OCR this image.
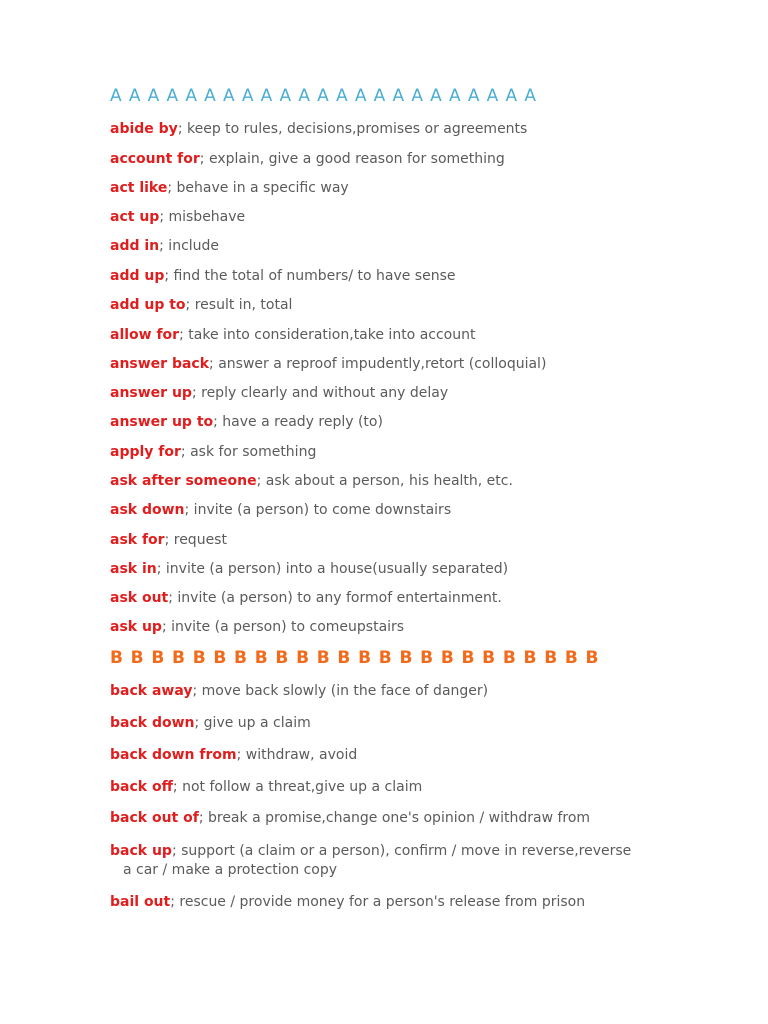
A A A A A A A A A A A A A A A A A A A A A A A
abide by; keep to rules, decisions,promises or agreements
account for; explain, give a good reason for something
act like; behave in a specific way
act up; misbehave
add in; include
add up; find the total of numbers/ to have sense
add up to; result in, total
allow for; take into consideration,take into account
answer back; answer a reproof impudently,retort (colloquial)
answer up; reply clearly and without any delay
answer up to; have a ready reply (to)
apply for; ask for something
ask after someone; ask about a person, his health, etc.
ask down; invite (a person) to come downstairs
ask for; request
ask in; invite (a person) into a house(usually separated)
ask out; invite (a person) to any formof entertainment.
ask up; invite (a person) to comeupstairs
B B B B B B B B B B B B B B B B B B B B B B B B
back away; move back slowly (in the face of danger)
back down; give up a claim
back down from; withdraw, avoid
back off; not follow a threat,give up a claim
back out of; break a promise,change one's opinion / withdraw from
back up; support (a claim or a person), confirm / move in reverse,reverse
a car / make a protection copy
bail out; rescue / provide money for a person's release from prison
